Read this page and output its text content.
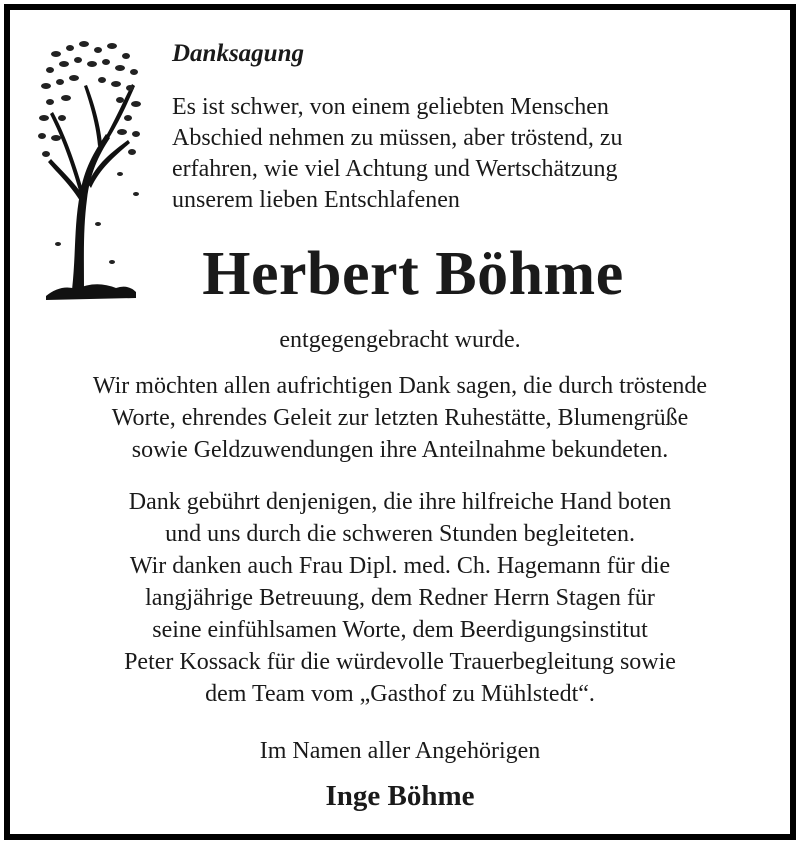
Danksagung
Es ist schwer, von einem geliebten Menschen
Abschied nehmen zu müssen, aber tröstend, zu
erfahren, wie viel Achtung und Wertschätzung
unserem lieben Entschlafenen
Herbert Böhme
entgegengebracht wurde.
Wir möchten allen aufrichtigen Dank sagen, die durch tröstende
Worte, ehrendes Geleit zur letzten Ruhestätte, Blumengrüße
sowie Geldzuwendungen ihre Anteilnahme bekundeten.
Dank gebührt denjenigen, die ihre hilfreiche Hand boten
und uns durch die schweren Stunden begleiteten.
Wir danken auch Frau Dipl. med. Ch. Hagemann für die
langjährige Betreuung, dem Redner Herrn Stagen für
seine einfühlsamen Worte, dem Beerdigungsinstitut
Peter Kossack für die würdevolle Trauerbegleitung sowie
dem Team vom „Gasthof zu Mühlstedt“.
Im Namen aller Angehörigen
Inge Böhme
